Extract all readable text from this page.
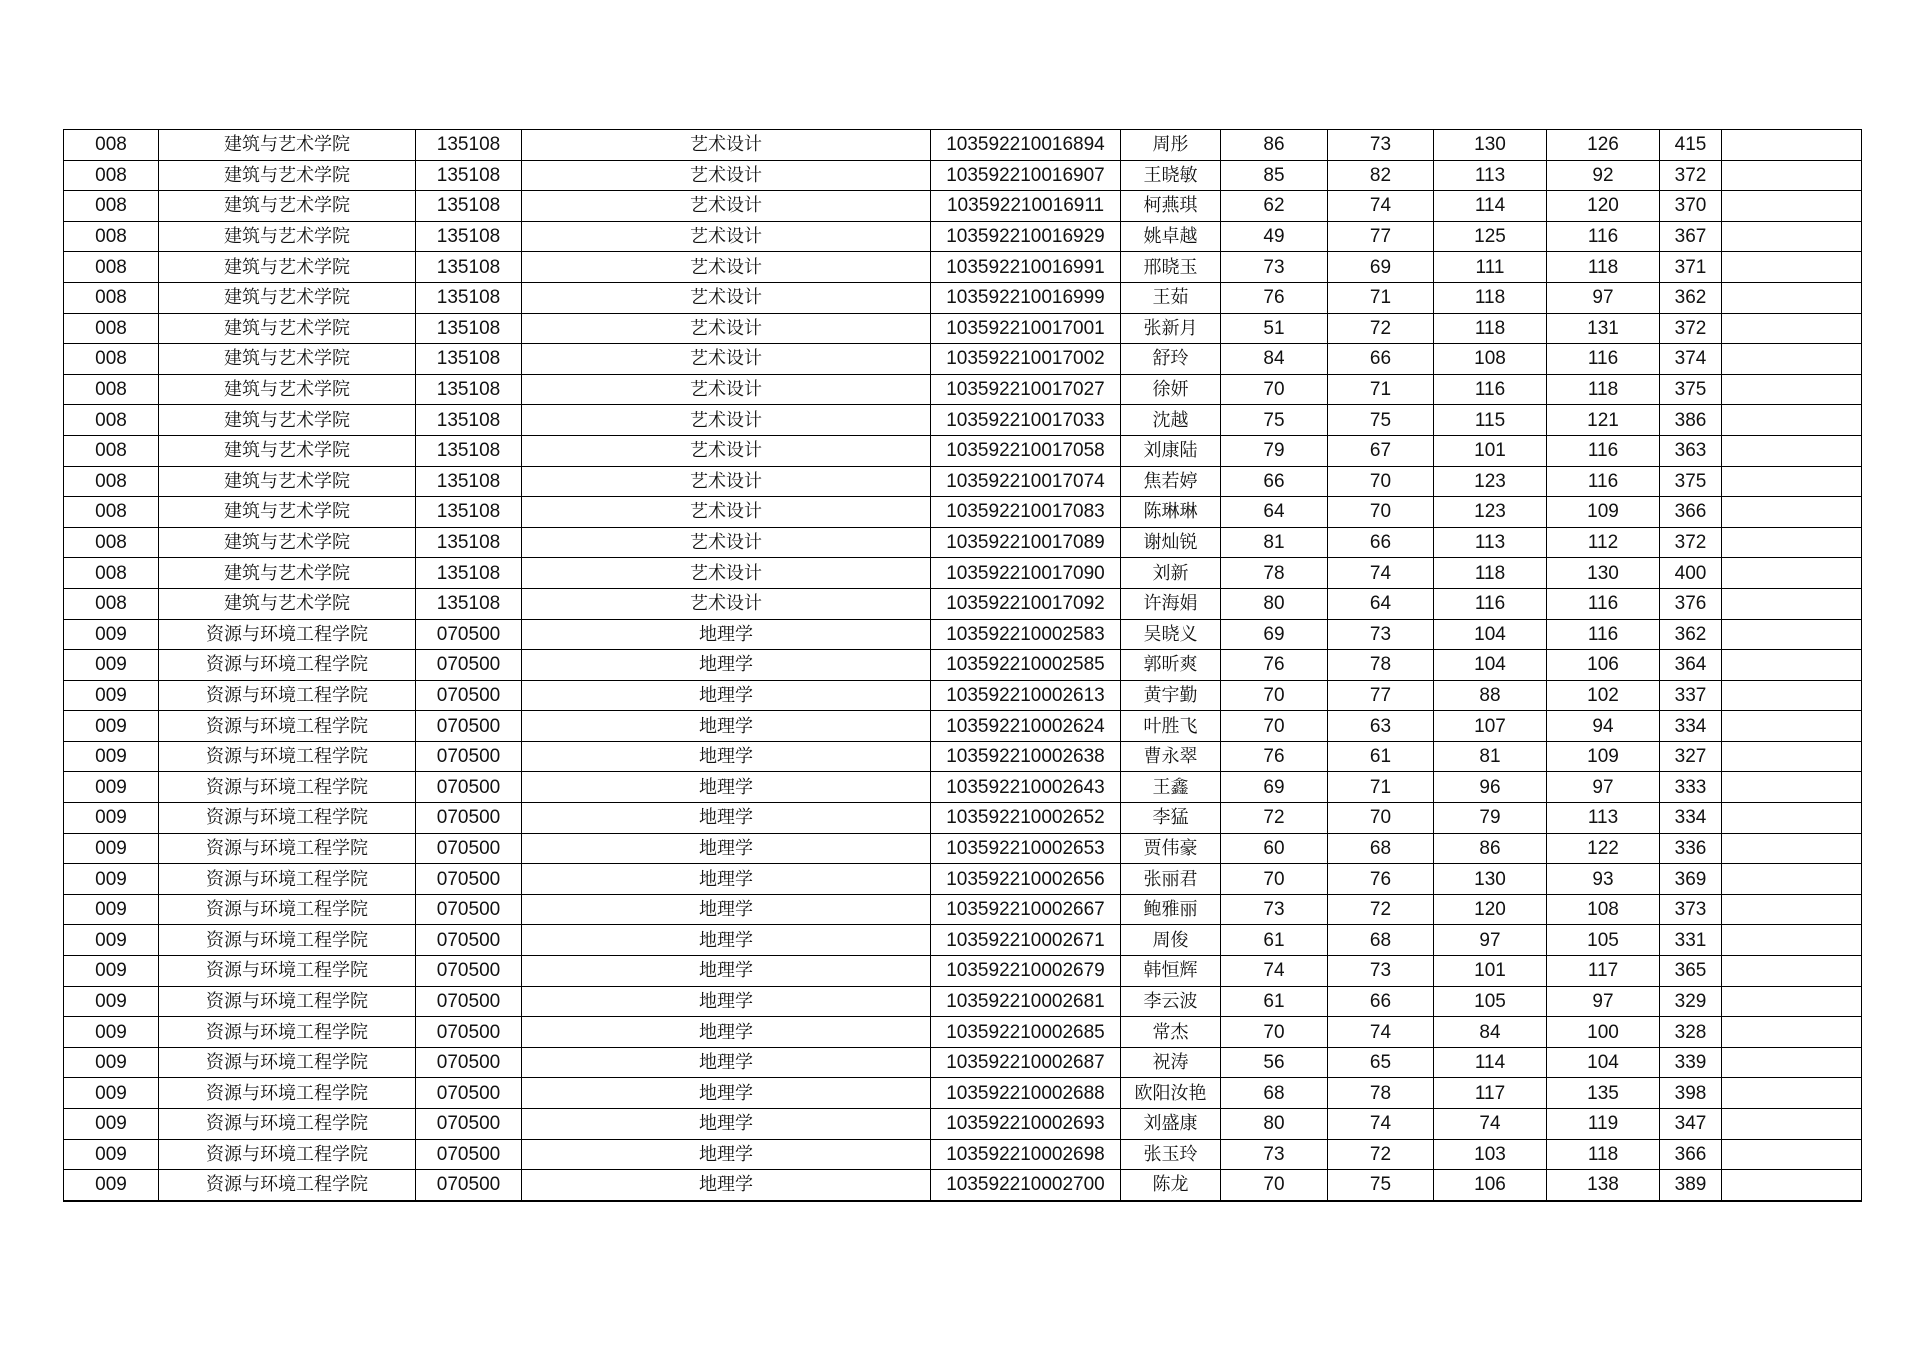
008	建筑与艺术学院	135108	艺术设计	103592210016894	周彤	86	73	130	126	415	
008	建筑与艺术学院	135108	艺术设计	103592210016907	王晓敏	85	82	113	92	372	
008	建筑与艺术学院	135108	艺术设计	103592210016911	柯燕琪	62	74	114	120	370	
008	建筑与艺术学院	135108	艺术设计	103592210016929	姚卓越	49	77	125	116	367	
008	建筑与艺术学院	135108	艺术设计	103592210016991	邢晓玉	73	69	111	118	371	
008	建筑与艺术学院	135108	艺术设计	103592210016999	王茹	76	71	118	97	362	
008	建筑与艺术学院	135108	艺术设计	103592210017001	张新月	51	72	118	131	372	
008	建筑与艺术学院	135108	艺术设计	103592210017002	舒玲	84	66	108	116	374	
008	建筑与艺术学院	135108	艺术设计	103592210017027	徐妍	70	71	116	118	375	
008	建筑与艺术学院	135108	艺术设计	103592210017033	沈越	75	75	115	121	386	
008	建筑与艺术学院	135108	艺术设计	103592210017058	刘康陆	79	67	101	116	363	
008	建筑与艺术学院	135108	艺术设计	103592210017074	焦若婷	66	70	123	116	375	
008	建筑与艺术学院	135108	艺术设计	103592210017083	陈琳琳	64	70	123	109	366	
008	建筑与艺术学院	135108	艺术设计	103592210017089	谢灿锐	81	66	113	112	372	
008	建筑与艺术学院	135108	艺术设计	103592210017090	刘新	78	74	118	130	400	
008	建筑与艺术学院	135108	艺术设计	103592210017092	许海娟	80	64	116	116	376	
009	资源与环境工程学院	070500	地理学	103592210002583	吴晓义	69	73	104	116	362	
009	资源与环境工程学院	070500	地理学	103592210002585	郭昕爽	76	78	104	106	364	
009	资源与环境工程学院	070500	地理学	103592210002613	黄宇勤	70	77	88	102	337	
009	资源与环境工程学院	070500	地理学	103592210002624	叶胜飞	70	63	107	94	334	
009	资源与环境工程学院	070500	地理学	103592210002638	曹永翠	76	61	81	109	327	
009	资源与环境工程学院	070500	地理学	103592210002643	王鑫	69	71	96	97	333	
009	资源与环境工程学院	070500	地理学	103592210002652	李猛	72	70	79	113	334	
009	资源与环境工程学院	070500	地理学	103592210002653	贾伟豪	60	68	86	122	336	
009	资源与环境工程学院	070500	地理学	103592210002656	张丽君	70	76	130	93	369	
009	资源与环境工程学院	070500	地理学	103592210002667	鲍雅丽	73	72	120	108	373	
009	资源与环境工程学院	070500	地理学	103592210002671	周俊	61	68	97	105	331	
009	资源与环境工程学院	070500	地理学	103592210002679	韩恒辉	74	73	101	117	365	
009	资源与环境工程学院	070500	地理学	103592210002681	李云波	61	66	105	97	329	
009	资源与环境工程学院	070500	地理学	103592210002685	常杰	70	74	84	100	328	
009	资源与环境工程学院	070500	地理学	103592210002687	祝涛	56	65	114	104	339	
009	资源与环境工程学院	070500	地理学	103592210002688	欧阳汝艳	68	78	117	135	398	
009	资源与环境工程学院	070500	地理学	103592210002693	刘盛康	80	74	74	119	347	
009	资源与环境工程学院	070500	地理学	103592210002698	张玉玲	73	72	103	118	366	
009	资源与环境工程学院	070500	地理学	103592210002700	陈龙	70	75	106	138	389	
